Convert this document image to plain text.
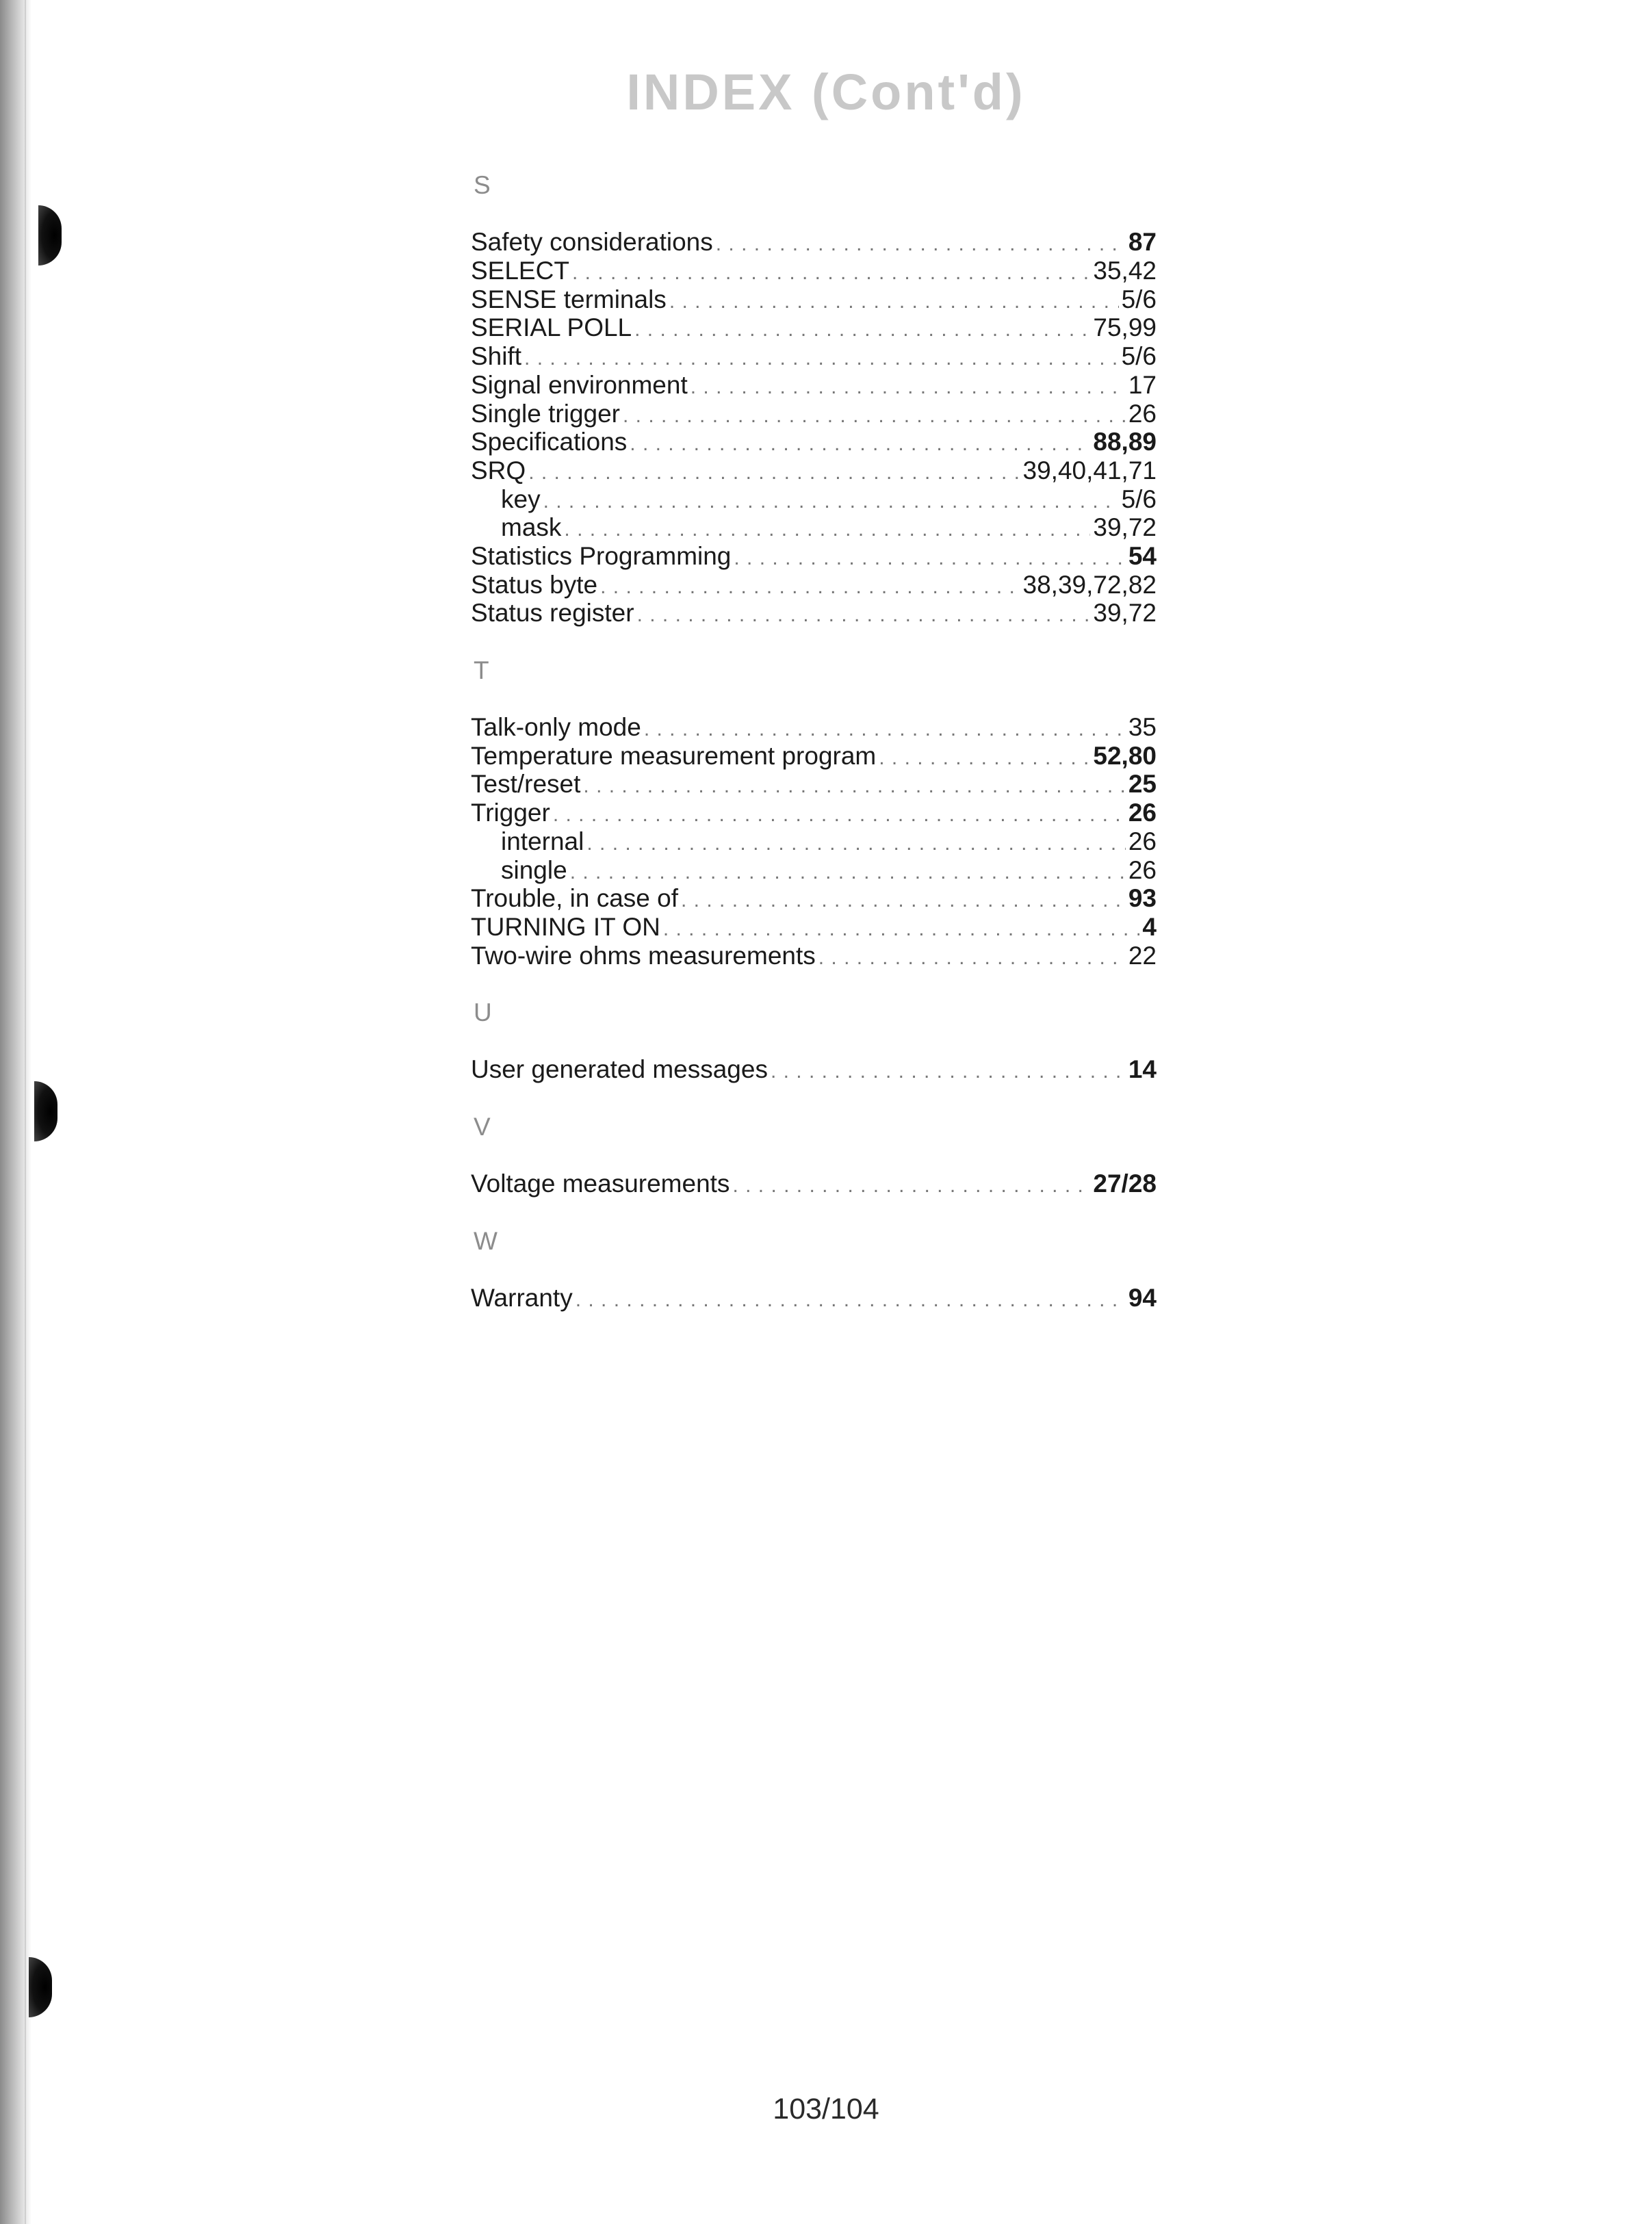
INDEX (Cont'd)
S
Safety considerations . . .	87
SELECT . . .	35,42
SENSE terminals . . .	5/6
SERIAL POLL . . .	75,99
Shift . . .	5/6
Signal environment . . .	17
Single trigger . . .	26
Specifications . . .	88,89
SRQ . . .	39,40,41,71
key . . .	5/6
mask . . .	39,72
Statistics Programming . . .	54
Status byte . . .	38,39,72,82
Status register . . .	39,72
T
Talk-only mode . . .	35
Temperature measurement program . . .	52,80
Test/reset . . .	25
Trigger . . .	26
internal . . .	26
single . . .	26
Trouble, in case of . . .	93
TURNING IT ON . . .	4
Two-wire ohms measurements . . .	22
U
User generated messages . . .	14
V
Voltage measurements . . .	27/28
W
Warranty . . .	94
103/104
